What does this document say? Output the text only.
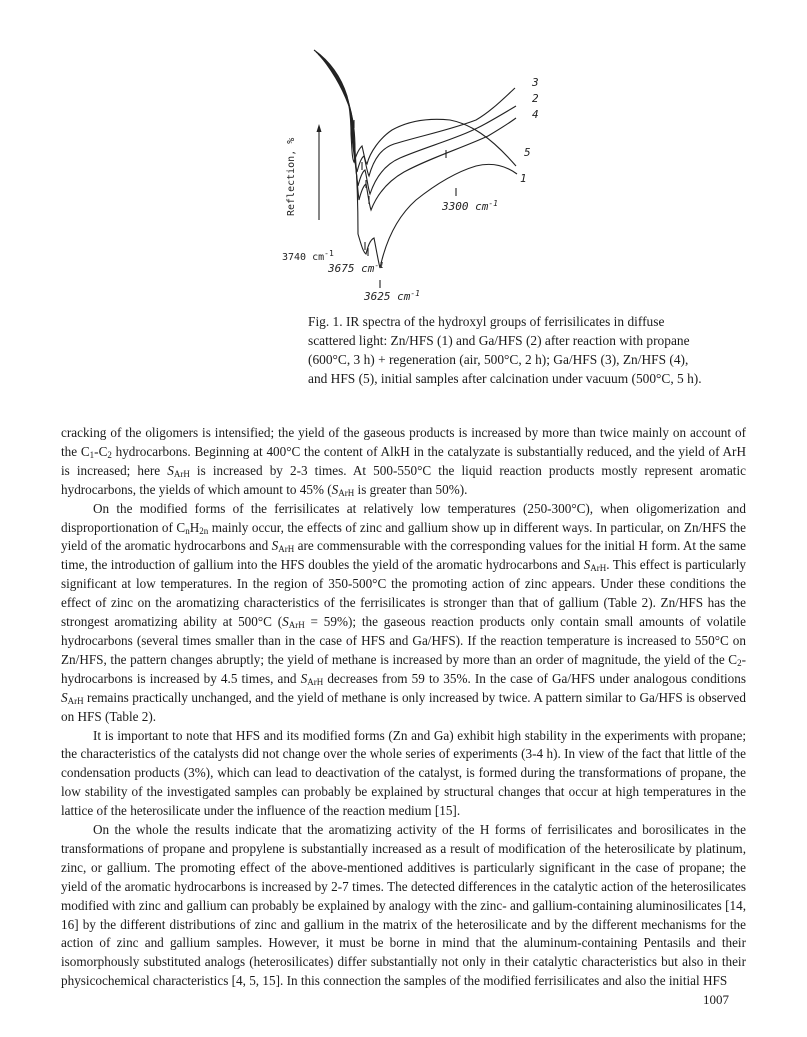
Reflection, %
3740 $cm^{-1}$
3675 $cm^{-1}$
3625 $cm^{-1}$
3300 $cm^{-1}$
3
2
4
5
1

Fig. 1. IR spectra of the hydroxyl groups of ferrisilicates in diffuse scattered light: Zn/HFS (1) and Ga/HFS (2) after reaction with propane (600°C, 3 h) + regeneration (air, 500°C, 2 h); Ga/HFS (3), Zn/HFS (4), and HFS (5), initial samples after calcination under vacuum (500°C, 5 h).

cracking of the oligomers is intensified; the yield of the gaseous products is increased by more than twice mainly on account of the $C_1-C_2$ hydrocarbons. Beginning at 400°C the content of AlkH in the catalyzate is substantially reduced, and the yield of ArH is increased; here $S_{ArH}$ is increased by 2-3 times. At 500-550°C the liquid reaction products mostly represent aromatic hydrocarbons, the yields of which amount to 45% ($S_{ArH}$ is greater than 50%).

On the modified forms of the ferrisilicates at relatively low temperatures (250-300°C), when oligomerization and disproportionation of $C_nH_{2n}$ mainly occur, the effects of zinc and gallium show up in different ways. In particular, on Zn/HFS the yield of the aromatic hydrocarbons and $S_{ArH}$ are commensurable with the corresponding values for the initial H form. At the same time, the introduction of gallium into the HFS doubles the yield of the aromatic hydrocarbons and $S_{ArH}$. This effect is particularly significant at low temperatures. In the region of 350-500°C the promoting action of zinc appears. Under these conditions the effect of zinc on the aromatizing characteristics of the ferrisilicates is stronger than that of gallium (Table 2). Zn/HFS has the strongest aromatizing ability at 500°C $(S_{ArH} = 59\%)$; the gaseous reaction products only contain small amounts of volatile hydrocarbons (several times smaller than in the case of HFS and Ga/HFS). If the reaction temperature is increased to 550°C on Zn/HFS, the pattern changes abruptly; the yield of methane is increased by more than an order of magnitude, the yield of the $C_2$-hydrocarbons is increased by 4.5 times, and $S_{ArH}$ decreases from 59 to 35%. In the case of Ga/HFS under analogous conditions $S_{ArH}$ remains practically unchanged, and the yield of methane is only increased by twice. A pattern similar to Ga/HFS is observed on HFS (Table 2).

It is important to note that HFS and its modified forms (Zn and Ga) exhibit high stability in the experiments with propane; the characteristics of the catalysts did not change over the whole series of experiments (3-4 h). In view of the fact that little of the condensation products (3%), which can lead to deactivation of the catalyst, is formed during the transformations of propane, the low stability of the investigated samples can probably be explained by structural changes that occur at high temperatures in the lattice of the heterosilicate under the influence of the reaction medium [15].

On the whole the results indicate that the aromatizing activity of the H forms of ferrisilicates and borosilicates in the transformations of propane and propylene is substantially increased as a result of modification of the heterosilicate by platinum, zinc, or gallium. The promoting effect of the above-mentioned additives is particularly significant in the case of propane; the yield of the aromatic hydrocarbons is increased by 2-7 times. The detected differences in the catalytic action of the heterosilicates modified with zinc and gallium can probably be explained by analogy with the zinc- and gallium-containing aluminosilicates [14, 16] by the different distributions of zinc and gallium in the matrix of the heterosilicate and by the different mechanisms for the action of zinc and gallium samples. However, it must be borne in mind that the aluminum-containing Pentasils and their isomorphously substituted analogs (heterosilicates) differ substantially not only in their catalytic characteristics but also in their physicochemical characteristics [4, 5, 15]. In this connection the samples of the modified ferrisilicates and also the initial HFS

1007
